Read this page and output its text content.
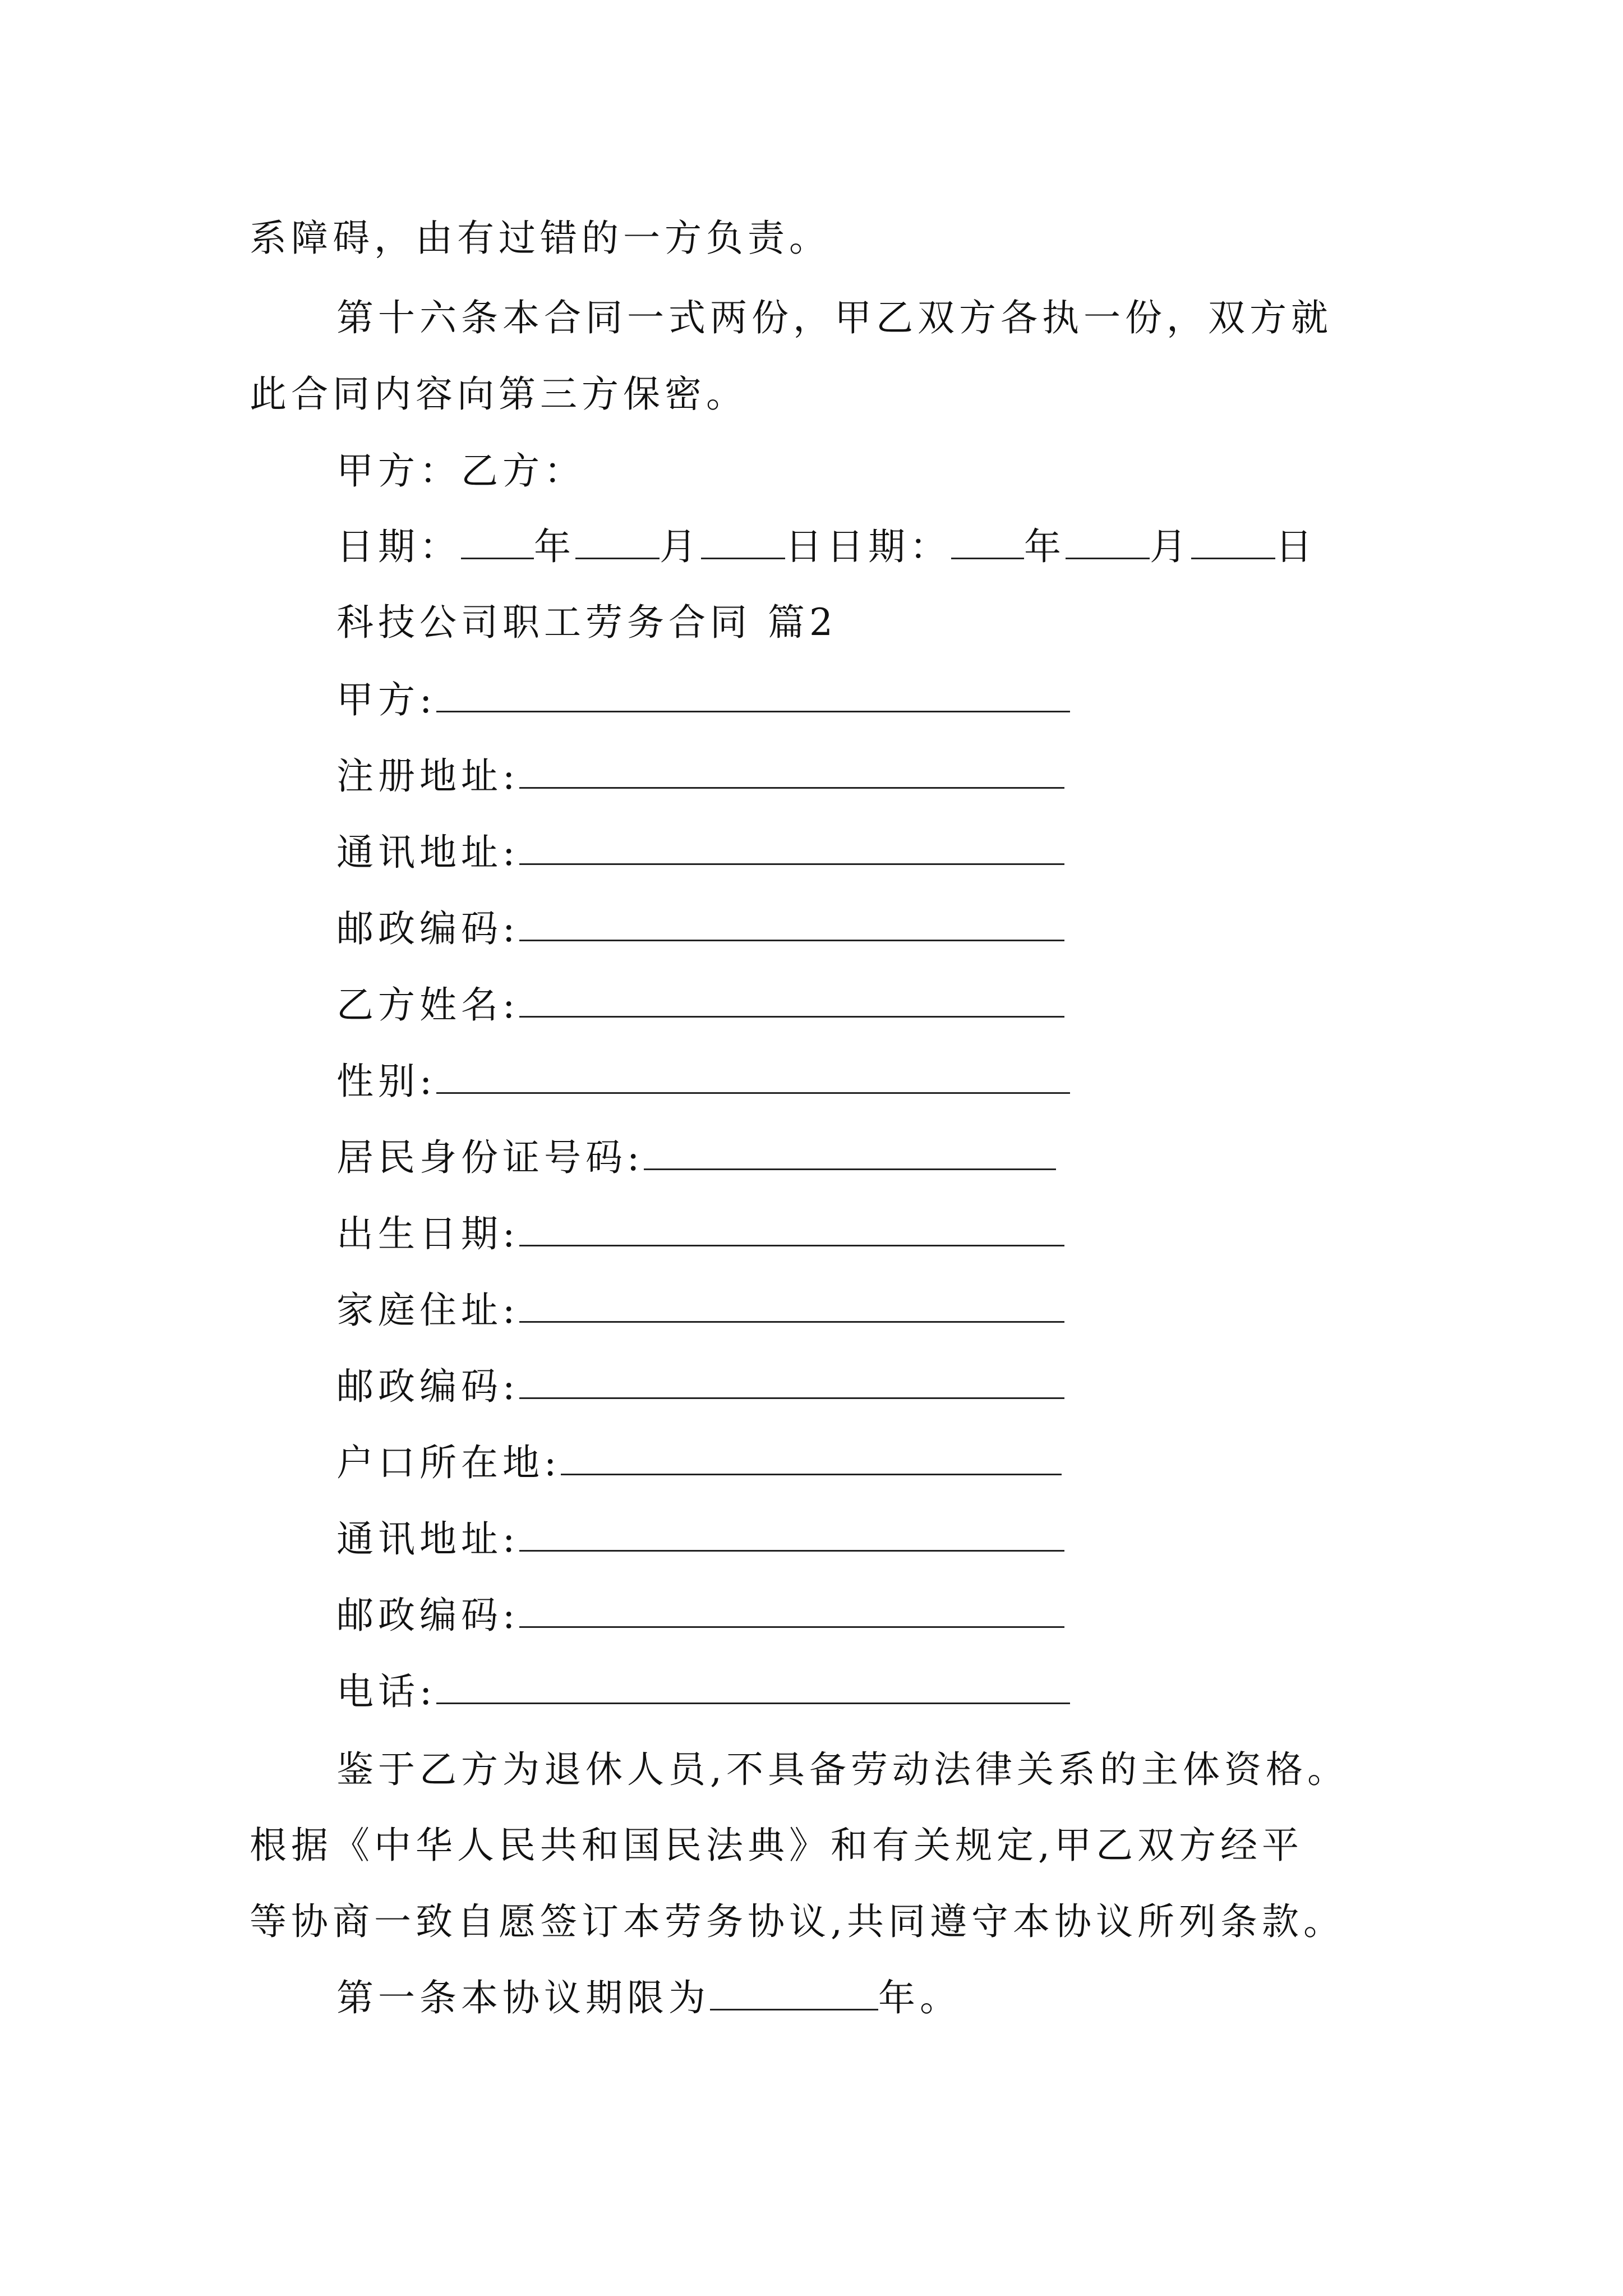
系障碍，由有过错的一方负责。
第十六条本合同一式两份，甲乙双方各执一份，双方就
此合同内容向第三方保密。
甲方：乙方：
日期： 年 月 日日期： 年 月 日
科技公司职工劳务合同 篇2
甲方:
注册地址:
通讯地址:
邮政编码:
乙方姓名:
性别:
居民身份证号码:
出生日期:
家庭住址:
邮政编码:
户口所在地:
通讯地址:
邮政编码:
电话:
鉴于乙方为退休人员,不具备劳动法律关系的主体资格。
根据《中华人民共和国民法典》和有关规定,甲乙双方经平
等协商一致自愿签订本劳务协议,共同遵守本协议所列条款。
第一条本协议期限为	年。
